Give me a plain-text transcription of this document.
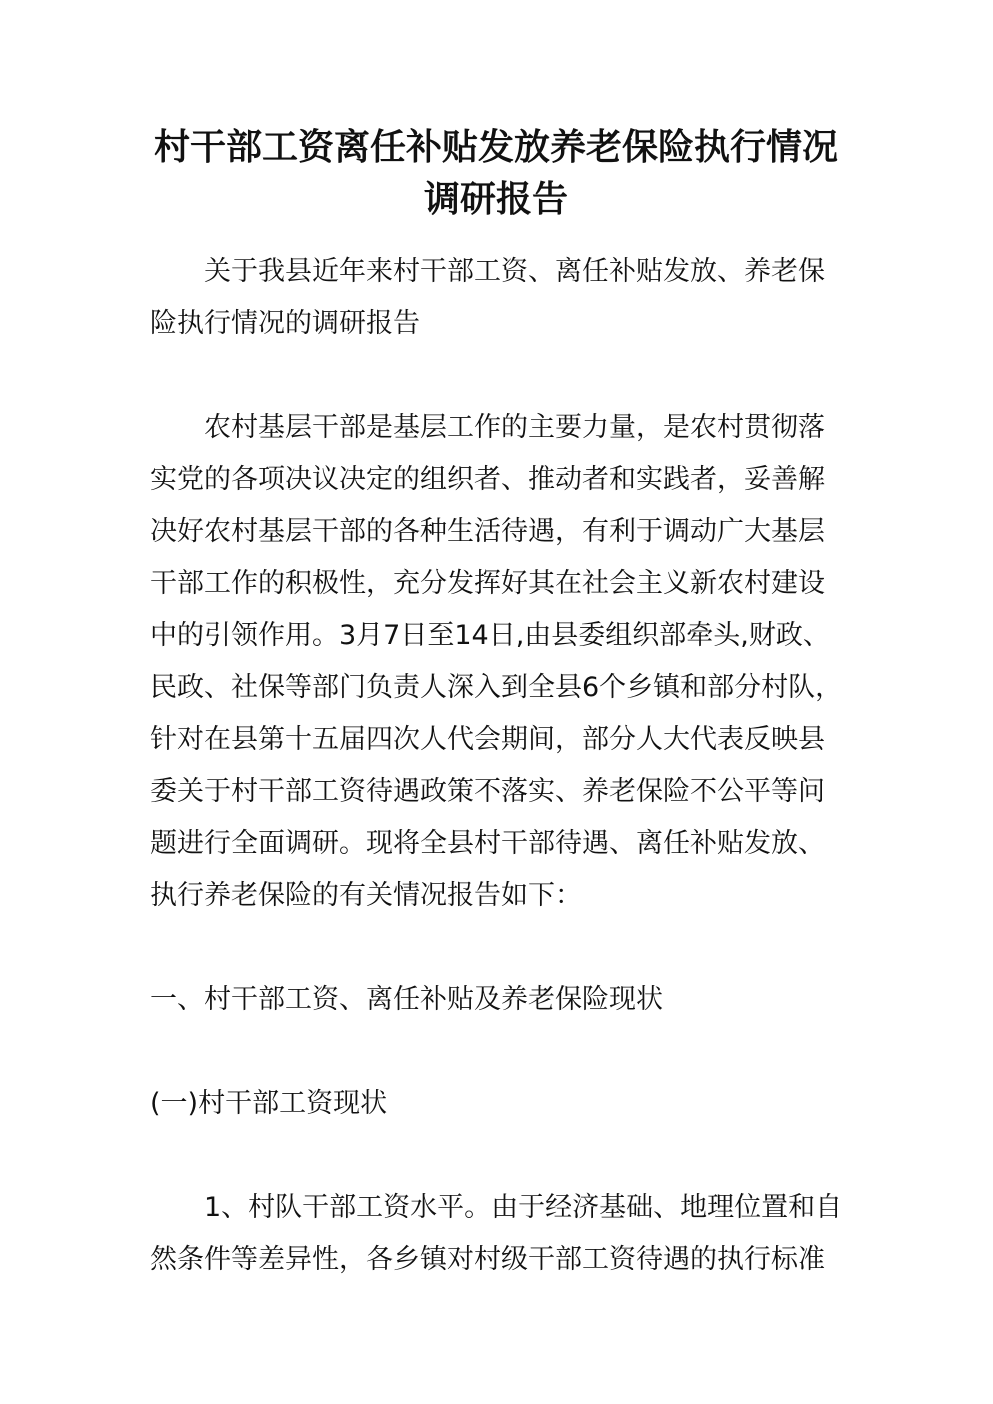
村干部工资离任补贴发放养老保险执行情况调研报告

关于我县近年来村干部工资、离任补贴发放、养老保险执行情况的调研报告

农村基层干部是基层工作的主要力量，是农村贯彻落实党的各项决议决定的组织者、推动者和实践者，妥善解决好农村基层干部的各种生活待遇，有利于调动广大基层干部工作的积极性，充分发挥好其在社会主义新农村建设中的引领作用。3月7日至14日,由县委组织部牵头,财政、民政、社保等部门负责人深入到全县6个乡镇和部分村队，针对在县第十五届四次人代会期间，部分人大代表反映县委关于村干部工资待遇政策不落实、养老保险不公平等问题进行全面调研。现将全县村干部待遇、离任补贴发放、执行养老保险的有关情况报告如下：

一、村干部工资、离任补贴及养老保险现状

(一)村干部工资现状

1、村队干部工资水平。由于经济基础、地理位置和自然条件等差异性，各乡镇对村级干部工资待遇的执行标准
